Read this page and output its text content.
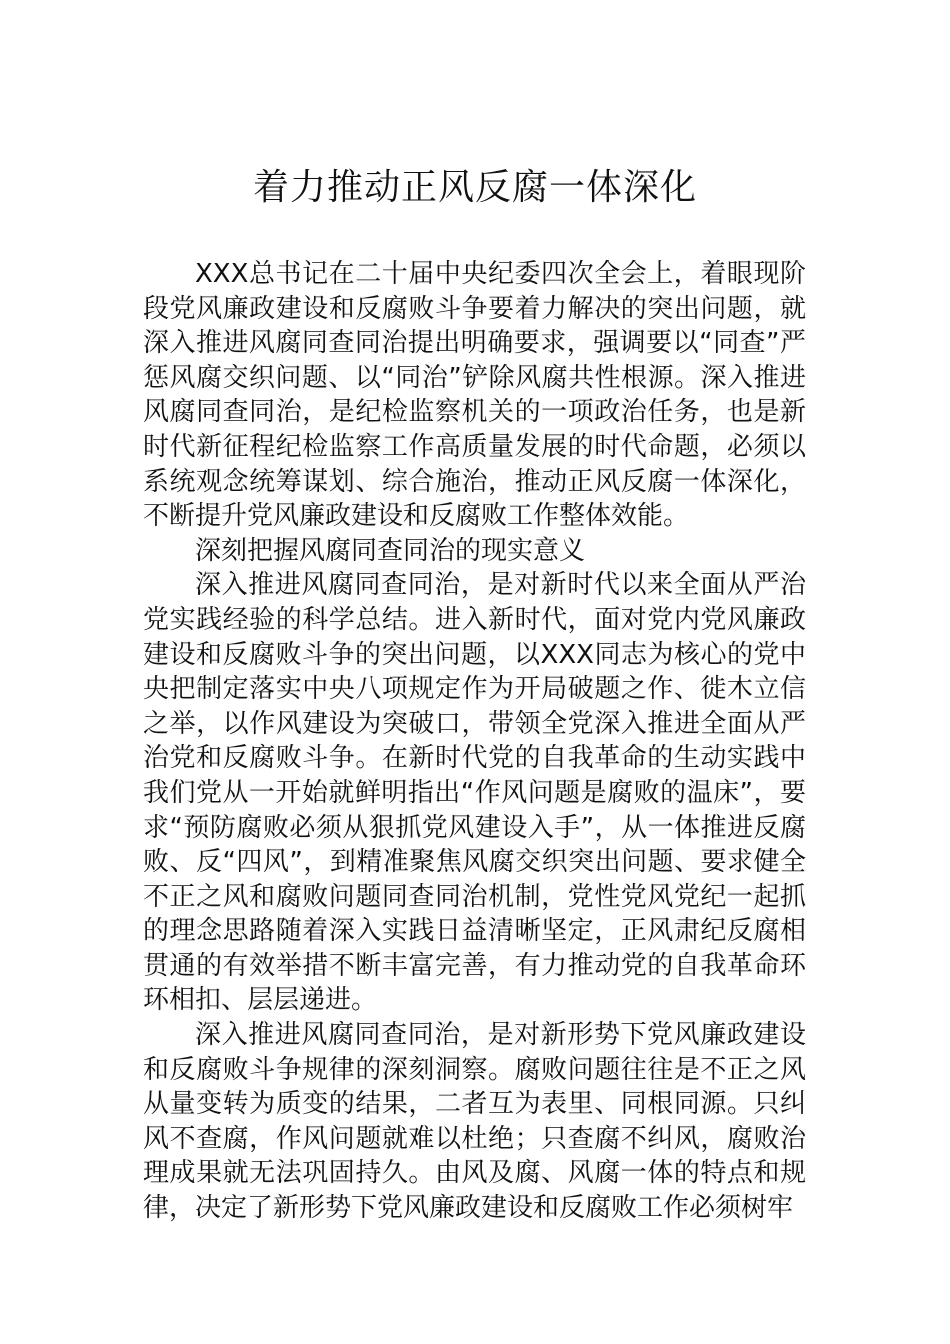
着力推动正风反腐一体深化

XXX总书记在二十届中央纪委四次全会上，着眼现阶段党风廉政建设和反腐败斗争要着力解决的突出问题，就深入推进风腐同查同治提出明确要求，强调要以“同查”严惩风腐交织问题、以“同治”铲除风腐共性根源。深入推进风腐同查同治，是纪检监察机关的一项政治任务，也是新时代新征程纪检监察工作高质量发展的时代命题，必须以系统观念统筹谋划、综合施治，推动正风反腐一体深化，不断提升党风廉政建设和反腐败工作整体效能。

深刻把握风腐同查同治的现实意义

深入推进风腐同查同治，是对新时代以来全面从严治党实践经验的科学总结。进入新时代，面对党内党风廉政建设和反腐败斗争的突出问题，以XXX同志为核心的党中央把制定落实中央八项规定作为开局破题之作、徙木立信之举，以作风建设为突破口，带领全党深入推进全面从严治党和反腐败斗争。在新时代党的自我革命的生动实践中我们党从一开始就鲜明指出“作风问题是腐败的温床”，要求“预防腐败必须从狠抓党风建设入手”，从一体推进反腐败、反“四风”，到精准聚焦风腐交织突出问题、要求健全不正之风和腐败问题同查同治机制，党性党风党纪一起抓的理念思路随着深入实践日益清晰坚定，正风肃纪反腐相贯通的有效举措不断丰富完善，有力推动党的自我革命环环相扣、层层递进。

深入推进风腐同查同治，是对新形势下党风廉政建设和反腐败斗争规律的深刻洞察。腐败问题往往是不正之风从量变转为质变的结果，二者互为表里、同根同源。只纠风不查腐，作风问题就难以杜绝；只查腐不纠风，腐败治理成果就无法巩固持久。由风及腐、风腐一体的特点和规律，决定了新形势下党风廉政建设和反腐败工作必须树牢
